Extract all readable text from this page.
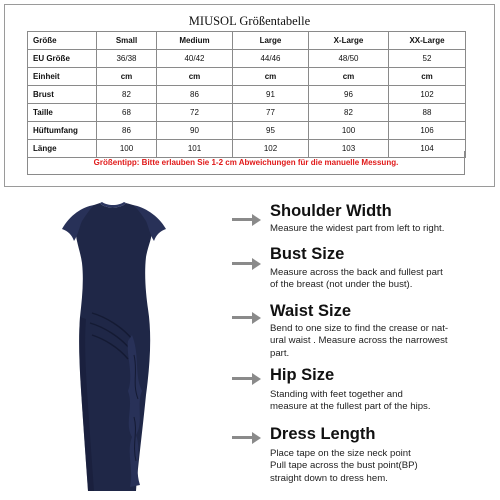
MIUSOL Größentabelle
Größe	Small	Medium	Large	X-Large	XX-Large
EU Größe	36/38	40/42	44/46	48/50	52
Einheit	cm	cm	cm	cm	cm
Brust	82	86	91	96	102
Taille	68	72	77	82	88
Hüftumfang	86	90	95	100	106
Länge	100	101	102	103	104
Größentipp: Bitte erlauben Sie 1-2 cm Abweichungen für die manuelle Messung.
Shoulder Width
Measure the widest part from left to right.
Bust Size
Measure across the back and fullest part
of the breast (not under the bust).
Waist Size
Bend to one size to find the crease or nat-
ural waist . Measure across the narrowest
part.
Hip Size
Standing with feet together and
measure at the fullest part of the hips.
Dress Length
Place tape on the size neck point
Pull tape across the bust point(BP)
straight down to dress hem.
